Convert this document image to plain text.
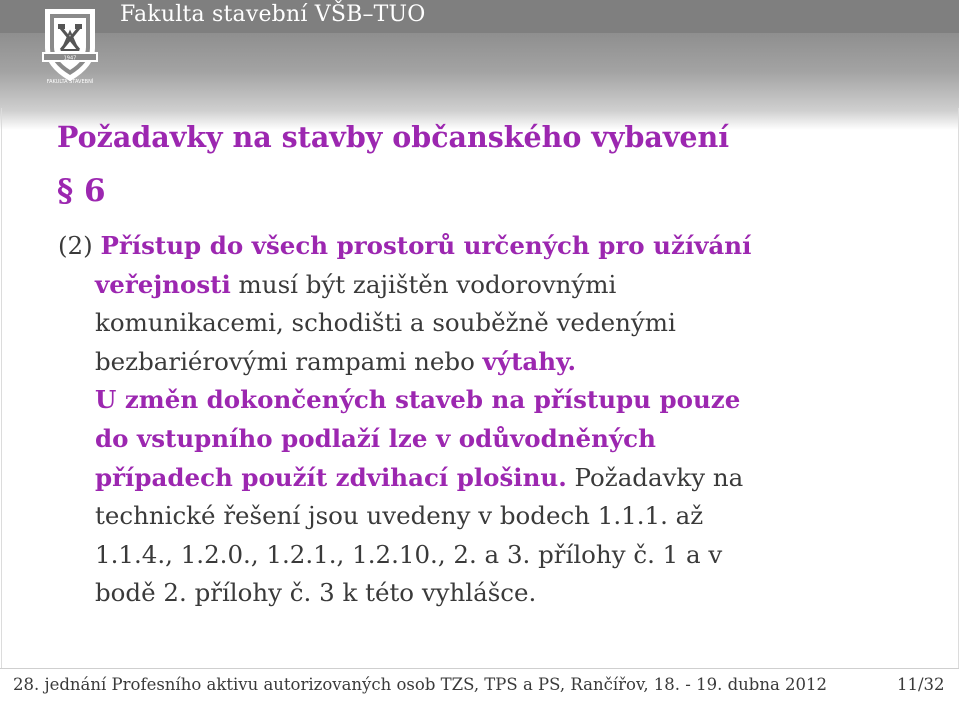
1947
FAKULTA STAVEBNÍ
Fakulta stavební VŠB–TUO
Požadavky na stavby občanského vybavení
§ 6
(2) Přístup do všech prostorů určených pro užívání
veřejnosti musí být zajištěn vodorovnými
komunikacemi, schodišti a souběžně vedenými
bezbariérovými rampami nebo výtahy.
U změn dokončených staveb na přístupu pouze
do vstupního podlaží lze v odůvodněných
případech použít zdvihací plošinu. Požadavky na
technické řešení jsou uvedeny v bodech 1.1.1. až
1.1.4., 1.2.0., 1.2.1., 1.2.10., 2. a 3. přílohy č. 1 a v
bodě 2. přílohy č. 3 k této vyhlášce.
28. jednání Profesního aktivu autorizovaných osob TZS, TPS a PS, Rančířov, 18. - 19. dubna 2012	11/32
